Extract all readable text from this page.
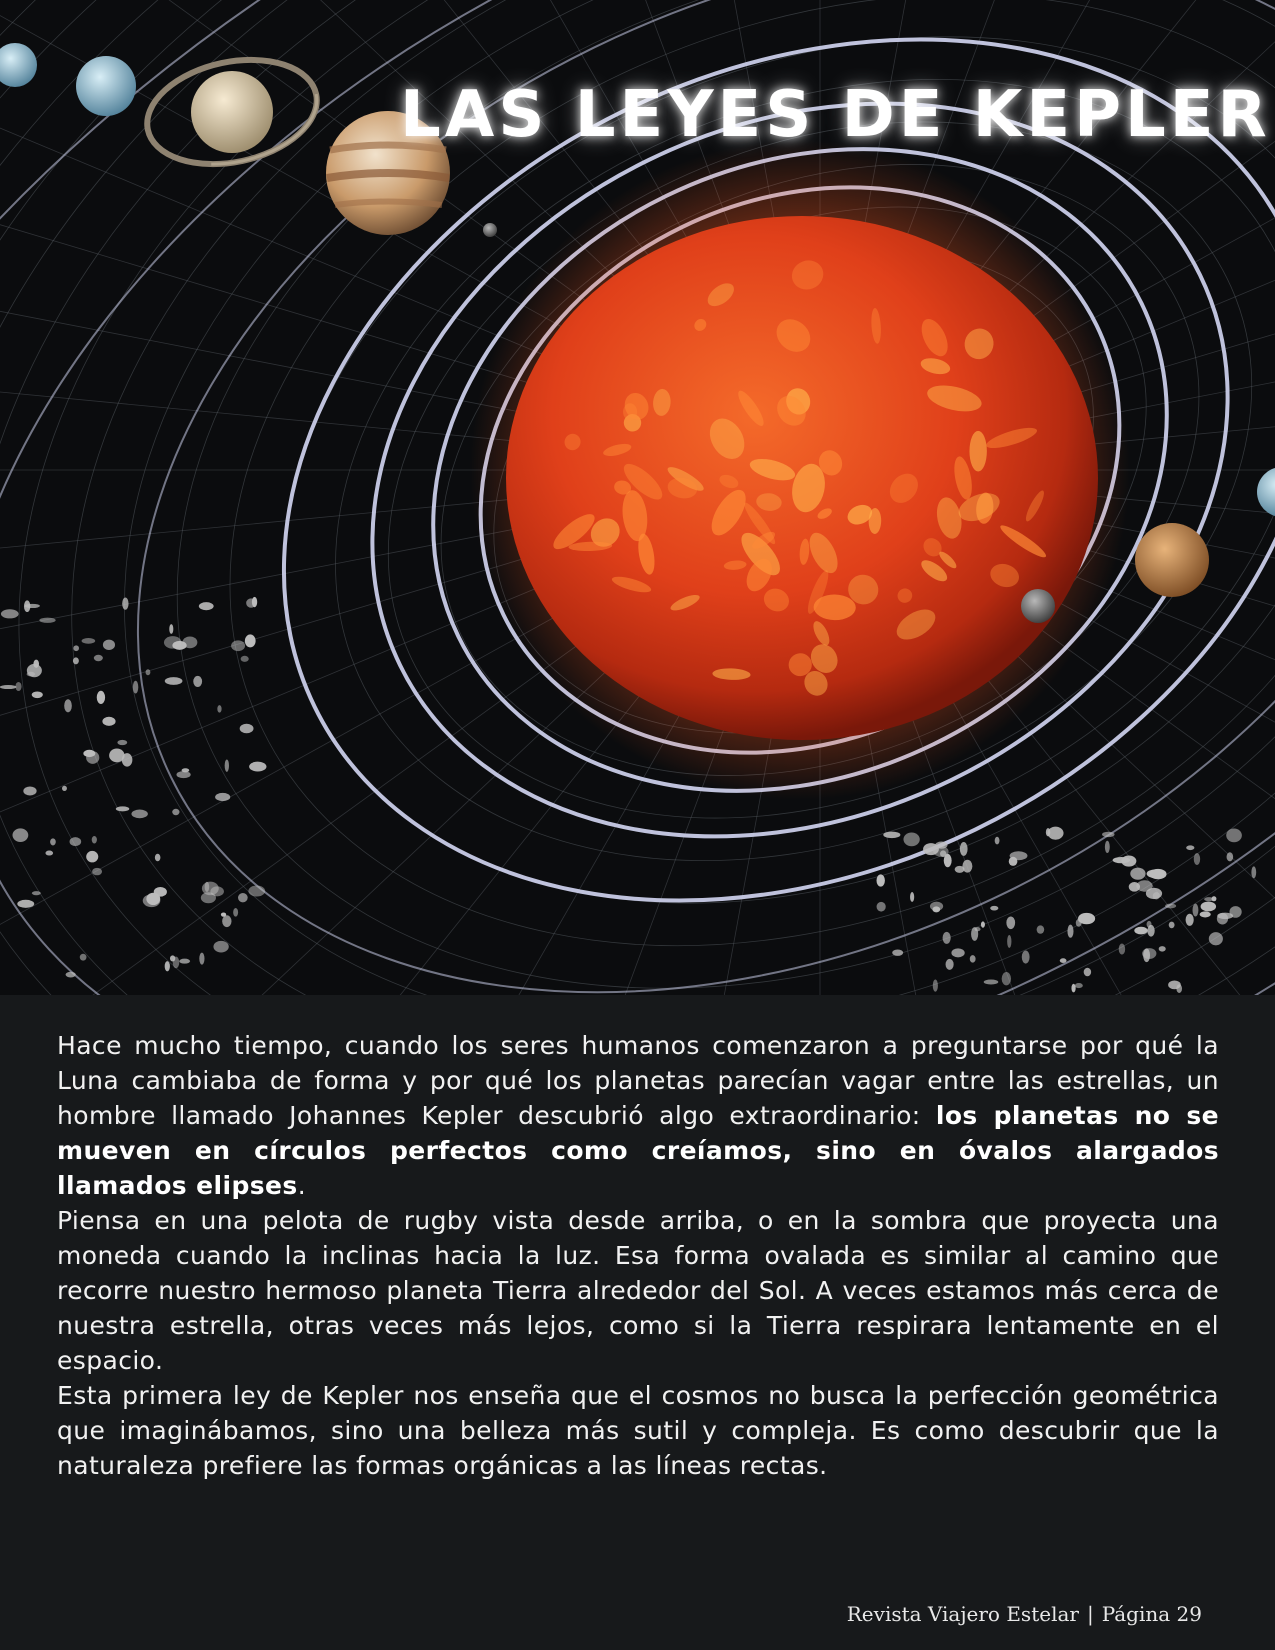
LAS LEYES DE KEPLER

Hace mucho tiempo, cuando los seres humanos comenzaron a preguntarse por qué la Luna cambiaba de forma y por qué los planetas parecían vagar entre las estrellas, un hombre llamado Johannes Kepler descubrió algo extraordinario: los planetas no se mueven en círculos perfectos como creíamos, sino en óvalos alargados llamados elipses.

Piensa en una pelota de rugby vista desde arriba, o en la sombra que proyecta una moneda cuando la inclinas hacia la luz. Esa forma ovalada es similar al camino que recorre nuestro hermoso planeta Tierra alrededor del Sol. A veces estamos más cerca de nuestra estrella, otras veces más lejos, como si la Tierra respirara lentamente en el espacio.

Esta primera ley de Kepler nos enseña que el cosmos no busca la perfección geométrica que imaginábamos, sino una belleza más sutil y compleja. Es como descubrir que la naturaleza prefiere las formas orgánicas a las líneas rectas.

Revista Viajero Estelar | Página 29
